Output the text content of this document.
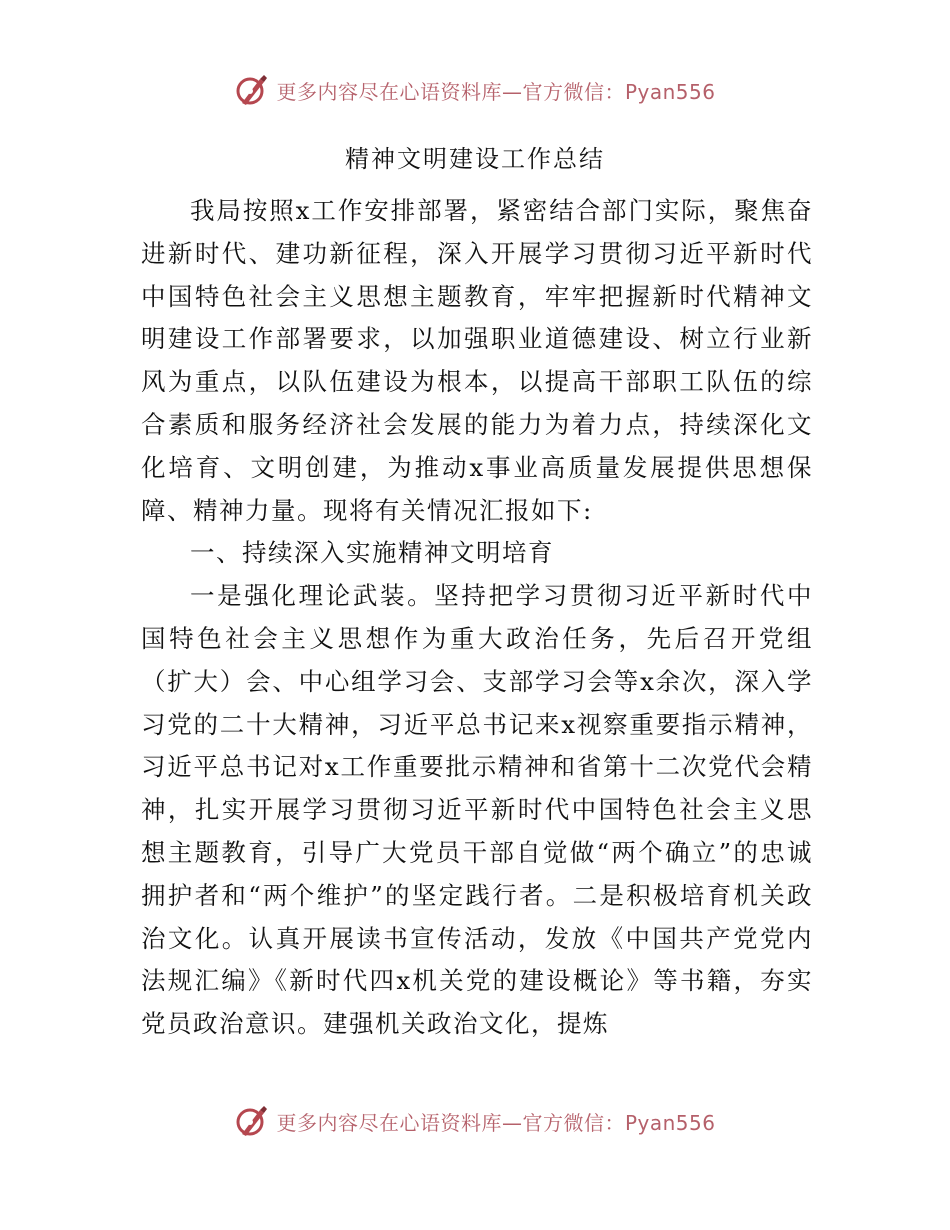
更多内容尽在心语资料库—官方微信：Pyan556
精神文明建设工作总结

我局按照x工作安排部署，紧密结合部门实际，聚焦奋进新时代、建功新征程，深入开展学习贯彻习近平新时代中国特色社会主义思想主题教育，牢牢把握新时代精神文明建设工作部署要求，以加强职业道德建设、树立行业新风为重点，以队伍建设为根本，以提高干部职工队伍的综合素质和服务经济社会发展的能力为着力点，持续深化文化培育、文明创建，为推动x事业高质量发展提供思想保障、精神力量。现将有关情况汇报如下:

一、持续深入实施精神文明培育

一是强化理论武装。坚持把学习贯彻习近平新时代中国特色社会主义思想作为重大政治任务，先后召开党组（扩大）会、中心组学习会、支部学习会等x余次，深入学习党的二十大精神，习近平总书记来x视察重要指示精神，习近平总书记对x工作重要批示精神和省第十二次党代会精神，扎实开展学习贯彻习近平新时代中国特色社会主义思想主题教育，引导广大党员干部自觉做“两个确立”的忠诚拥护者和“两个维护”的坚定践行者。二是积极培育机关政治文化。认真开展读书宣传活动，发放《中国共产党党内法规汇编》《新时代四x机关党的建设概论》等书籍，夯实党员政治意识。建强机关政治文化，提炼

更多内容尽在心语资料库—官方微信：Pyan556
